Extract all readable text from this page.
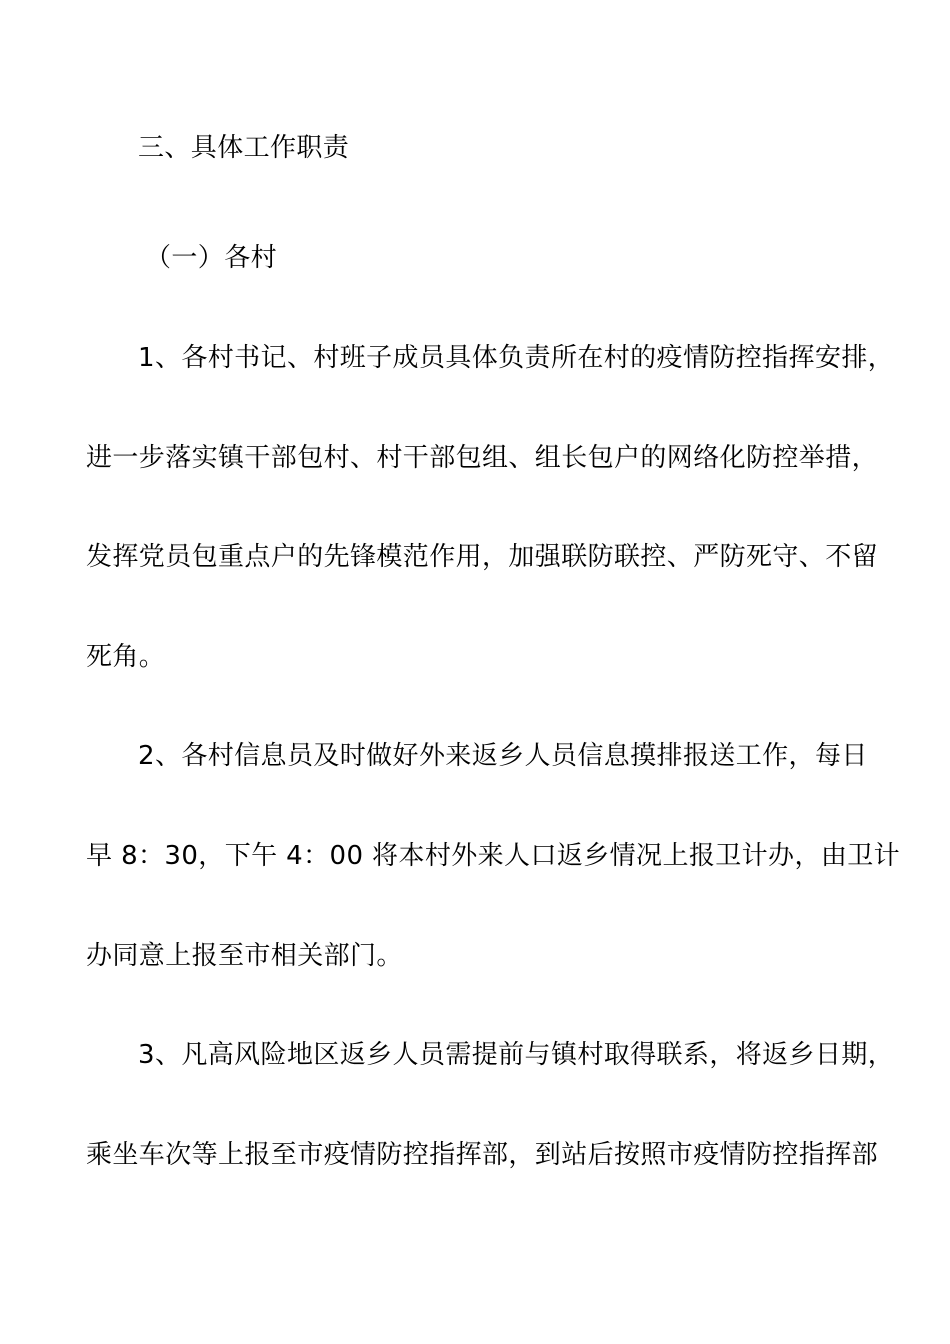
三、具体工作职责
（一）各村
1、各村书记、村班子成员具体负责所在村的疫情防控指挥安排，
进一步落实镇干部包村、村干部包组、组长包户的网络化防控举措，
发挥党员包重点户的先锋模范作用，加强联防联控、严防死守、不留
死角。
2、各村信息员及时做好外来返乡人员信息摸排报送工作，每日
早 8：30，下午 4：00 将本村外来人口返乡情况上报卫计办，由卫计
办同意上报至市相关部门。
3、凡高风险地区返乡人员需提前与镇村取得联系，将返乡日期，
乘坐车次等上报至市疫情防控指挥部，到站后按照市疫情防控指挥部
